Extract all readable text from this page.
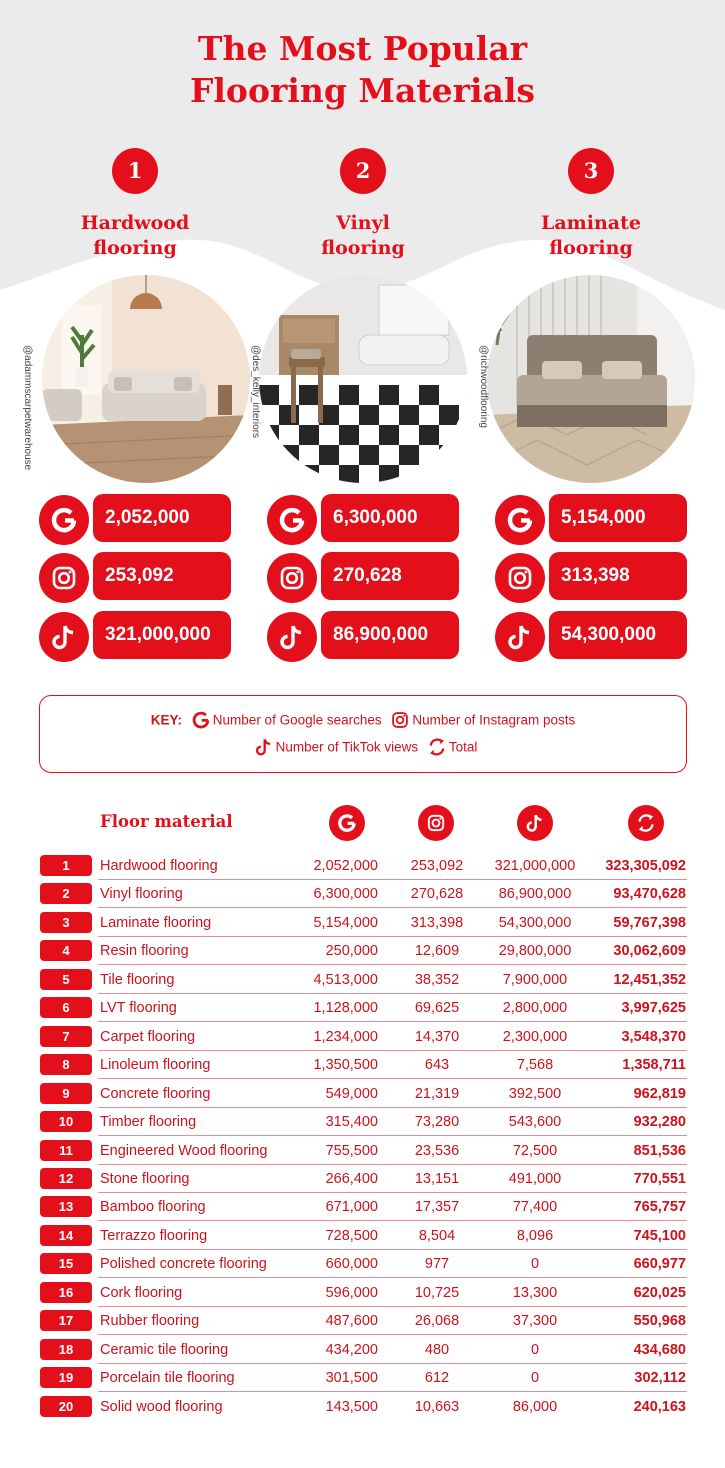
The Most Popular
Flooring Materials
1
Hardwood
flooring
@adammscarpetwarehouse
2,052,000
253,092
321,000,000
2
Vinyl
flooring
@des_kelly_interiors
6,300,000
270,628
86,900,000
3
Laminate
flooring
@richwoodflooring
5,154,000
313,398
54,300,000
KEY: Number of Google searches Number of Instagram posts
Number of TikTok views Total
Floor material
1	Hardwood flooring	2,052,000	253,092	321,000,000	323,305,092
2	Vinyl flooring	6,300,000	270,628	86,900,000	93,470,628
3	Laminate flooring	5,154,000	313,398	54,300,000	59,767,398
4	Resin flooring	250,000	12,609	29,800,000	30,062,609
5	Tile flooring	4,513,000	38,352	7,900,000	12,451,352
6	LVT flooring	1,128,000	69,625	2,800,000	3,997,625
7	Carpet flooring	1,234,000	14,370	2,300,000	3,548,370
8	Linoleum flooring	1,350,500	643	7,568	1,358,711
9	Concrete flooring	549,000	21,319	392,500	962,819
10	Timber flooring	315,400	73,280	543,600	932,280
11	Engineered Wood flooring	755,500	23,536	72,500	851,536
12	Stone flooring	266,400	13,151	491,000	770,551
13	Bamboo flooring	671,000	17,357	77,400	765,757
14	Terrazzo flooring	728,500	8,504	8,096	745,100
15	Polished concrete flooring	660,000	977	0	660,977
16	Cork flooring	596,000	10,725	13,300	620,025
17	Rubber flooring	487,600	26,068	37,300	550,968
18	Ceramic tile flooring	434,200	480	0	434,680
19	Porcelain tile flooring	301,500	612	0	302,112
20	Solid wood flooring	143,500	10,663	86,000	240,163
